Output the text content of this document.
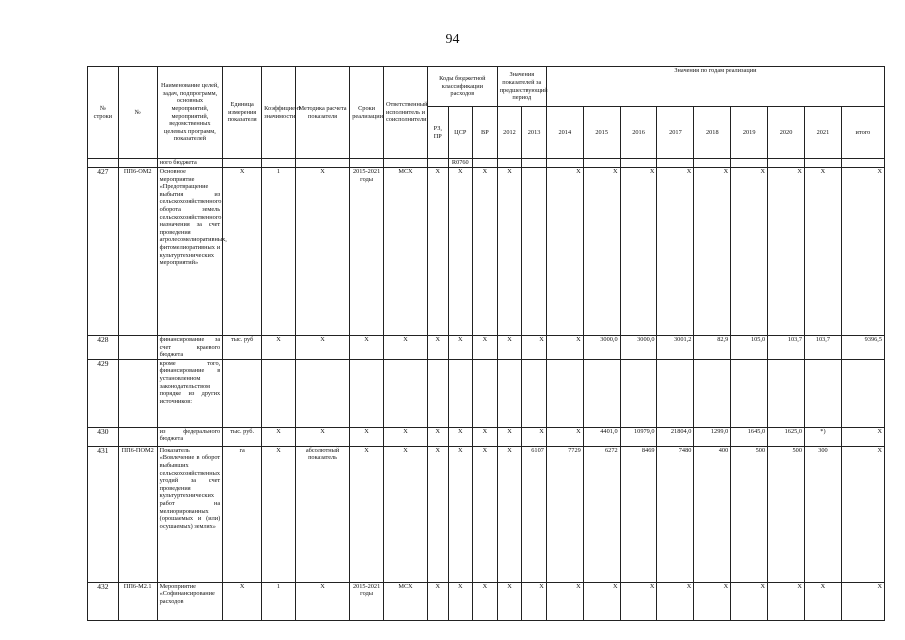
94
№ строки	№	Наименование целей, задач, подпрограмм, основных мероприятий, мероприятий, ведомственных целевых программ, показателей	Единица измерения показателя	Коэффициент значимости	Методика расчета показателя	Сроки реализации	Ответственный исполнитель и соисполнители	Коды бюджетной классификации расходов			Значения показателей за предшествующий период		Значения по годам реализации								
								РЗ, ПР	ЦСР	ВР	2012	2013	2014	2015	2016	2017	2018	2019	2020	2021	итого
		ного бюджета							R0760												
427	ПП6-ОМ2	Основное мероприятие «Предотвращение выбытия из сельскохозяйственного оборота земель сельскохозяйственного назначения за счет проведения агролесомелиоративных, фитомелиоративных и культуртехнических мероприятий»	X	1	X	2015-2021 годы	МСХ	X	X	X	X		X	X	X	X	X	X	X	X	X
428		финансирование за счет краевого бюджета	тыс. руб	X	X	X	X	X	X	X	X	X	X	3000,0	3000,0	3001,2	82,9	105,0	103,7	103,7	9396,5
429		кроме того, финансирование в установленном законодательством порядке из других источников:																			
430		из федерального бюджета	тыс. руб.	X	X	X	X	X	X	X	X	X	X	4401,0	10979,0	21804,0	1299,0	1645,0	1625,0	*)	X
431	ПП6-ПОМ2	Показатель «Вовлечение в оборот выбывших сельскохозяйственных угодий за счет проведения культуртехнических работ на мелиорированных (орошаемых и (или) осушаемых) землях»	га	X	абсолютный показатель	X	X	X	X	X	X	6107	7729	6272	8469	7480	400	500	500	300	X
432	ПП6-М2.1	Мероприятие «Софинансирование расходов	X	1	X	2015-2021 годы	МСХ	X	X	X	X	X	X	X	X	X	X	X	X	X	X
